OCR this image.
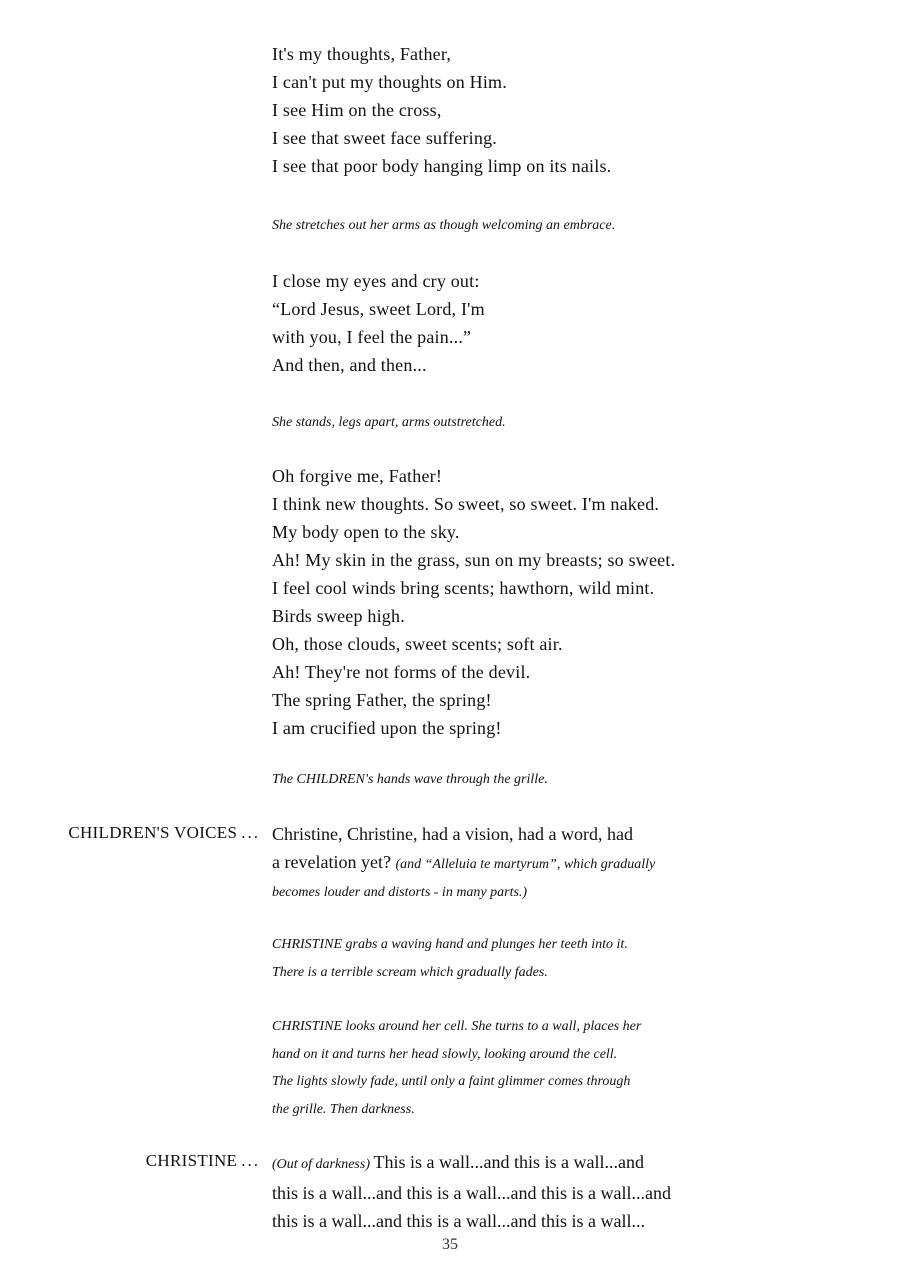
It's my thoughts, Father,
I can't put my thoughts on Him.
I see Him on the cross,
I see that sweet face suffering.
I see that poor body hanging limp on its nails.
She stretches out her arms as though welcoming an embrace.
I close my eyes and cry out:
“Lord Jesus, sweet Lord, I'm
with you, I feel the pain...”
And then, and then...
She stands, legs apart, arms outstretched.
Oh forgive me, Father!
I think new thoughts. So sweet, so sweet. I'm naked.
My body open to the sky.
Ah! My skin in the grass, sun on my breasts; so sweet.
I feel cool winds bring scents; hawthorn, wild mint.
Birds sweep high.
Oh, those clouds, sweet scents; soft air.
Ah! They're not forms of the devil.
The spring Father, the spring!
I am crucified upon the spring!
The CHILDREN's hands wave through the grille.
CHILDREN'S VOICES ... Christine, Christine, had a vision, had a word, had
a revelation yet? (and “Alleluia te martyrum”, which gradually
becomes louder and distorts - in many parts.)
CHRISTINE grabs a waving hand and plunges her teeth into it.
There is a terrible scream which gradually fades.
CHRISTINE looks around her cell. She turns to a wall, places her
hand on it and turns her head slowly, looking around the cell.
The lights slowly fade, until only a faint glimmer comes through
the grille. Then darkness.
CHRISTINE ... (Out of darkness) This is a wall...and this is a wall...and
this is a wall...and this is a wall...and this is a wall...and
this is a wall...and this is a wall...and this is a wall...
35
